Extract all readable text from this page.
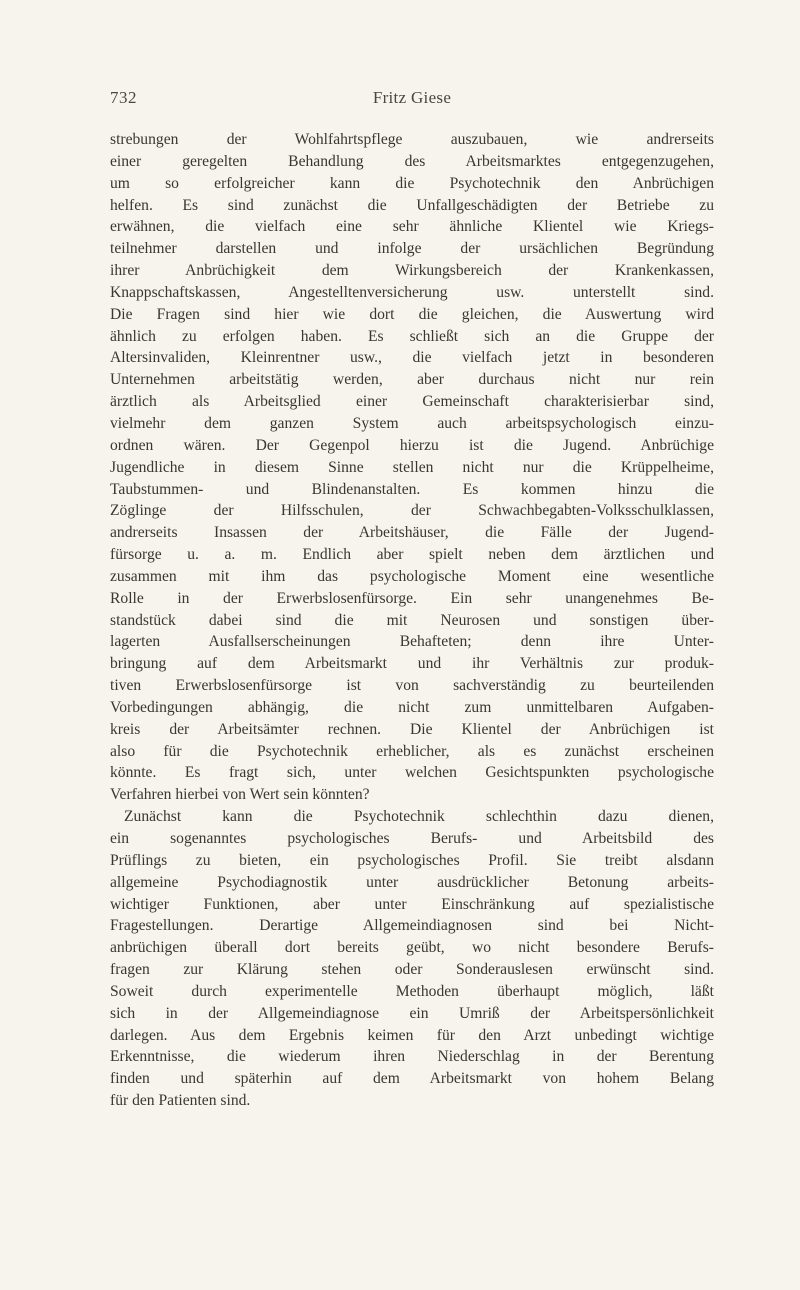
732	Fritz Giese
strebungen der Wohlfahrtspflege auszubauen, wie andrerseits
einer geregelten Behandlung des Arbeitsmarktes entgegenzugehen,
um so erfolgreicher kann die Psychotechnik den Anbrüchigen
helfen. Es sind zunächst die Unfallgeschädigten der Betriebe zu
erwähnen, die vielfach eine sehr ähnliche Klientel wie Kriegs-
teilnehmer darstellen und infolge der ursächlichen Begründung
ihrer Anbrüchigkeit dem Wirkungsbereich der Krankenkassen,
Knappschaftskassen, Angestelltenversicherung usw. unterstellt sind.
Die Fragen sind hier wie dort die gleichen, die Auswertung wird
ähnlich zu erfolgen haben. Es schließt sich an die Gruppe der
Altersinvaliden, Kleinrentner usw., die vielfach jetzt in besonderen
Unternehmen arbeitstätig werden, aber durchaus nicht nur rein
ärztlich als Arbeitsglied einer Gemeinschaft charakterisierbar sind,
vielmehr dem ganzen System auch arbeitspsychologisch einzu-
ordnen wären. Der Gegenpol hierzu ist die Jugend. Anbrüchige
Jugendliche in diesem Sinne stellen nicht nur die Krüppelheime,
Taubstummen- und Blindenanstalten. Es kommen hinzu die
Zöglinge der Hilfsschulen, der Schwachbegabten-Volksschulklassen,
andrerseits Insassen der Arbeitshäuser, die Fälle der Jugend-
fürsorge u. a. m. Endlich aber spielt neben dem ärztlichen und
zusammen mit ihm das psychologische Moment eine wesentliche
Rolle in der Erwerbslosenfürsorge. Ein sehr unangenehmes Be-
standstück dabei sind die mit Neurosen und sonstigen über-
lagerten Ausfallserscheinungen Behafteten; denn ihre Unter-
bringung auf dem Arbeitsmarkt und ihr Verhältnis zur produk-
tiven Erwerbslosenfürsorge ist von sachverständig zu beurteilenden
Vorbedingungen abhängig, die nicht zum unmittelbaren Aufgaben-
kreis der Arbeitsämter rechnen. Die Klientel der Anbrüchigen ist
also für die Psychotechnik erheblicher, als es zunächst erscheinen
könnte. Es fragt sich, unter welchen Gesichtspunkten psychologische
Verfahren hierbei von Wert sein könnten?
Zunächst kann die Psychotechnik schlechthin dazu dienen,
ein sogenanntes psychologisches Berufs- und Arbeitsbild des
Prüflings zu bieten, ein psychologisches Profil. Sie treibt alsdann
allgemeine Psychodiagnostik unter ausdrücklicher Betonung arbeits-
wichtiger Funktionen, aber unter Einschränkung auf spezialistische
Fragestellungen. Derartige Allgemeindiagnosen sind bei Nicht-
anbrüchigen überall dort bereits geübt, wo nicht besondere Berufs-
fragen zur Klärung stehen oder Sonderauslesen erwünscht sind.
Soweit durch experimentelle Methoden überhaupt möglich, läßt
sich in der Allgemeindiagnose ein Umriß der Arbeitspersönlichkeit
darlegen. Aus dem Ergebnis keimen für den Arzt unbedingt wichtige
Erkenntnisse, die wiederum ihren Niederschlag in der Berentung
finden und späterhin auf dem Arbeitsmarkt von hohem Belang
für den Patienten sind.
